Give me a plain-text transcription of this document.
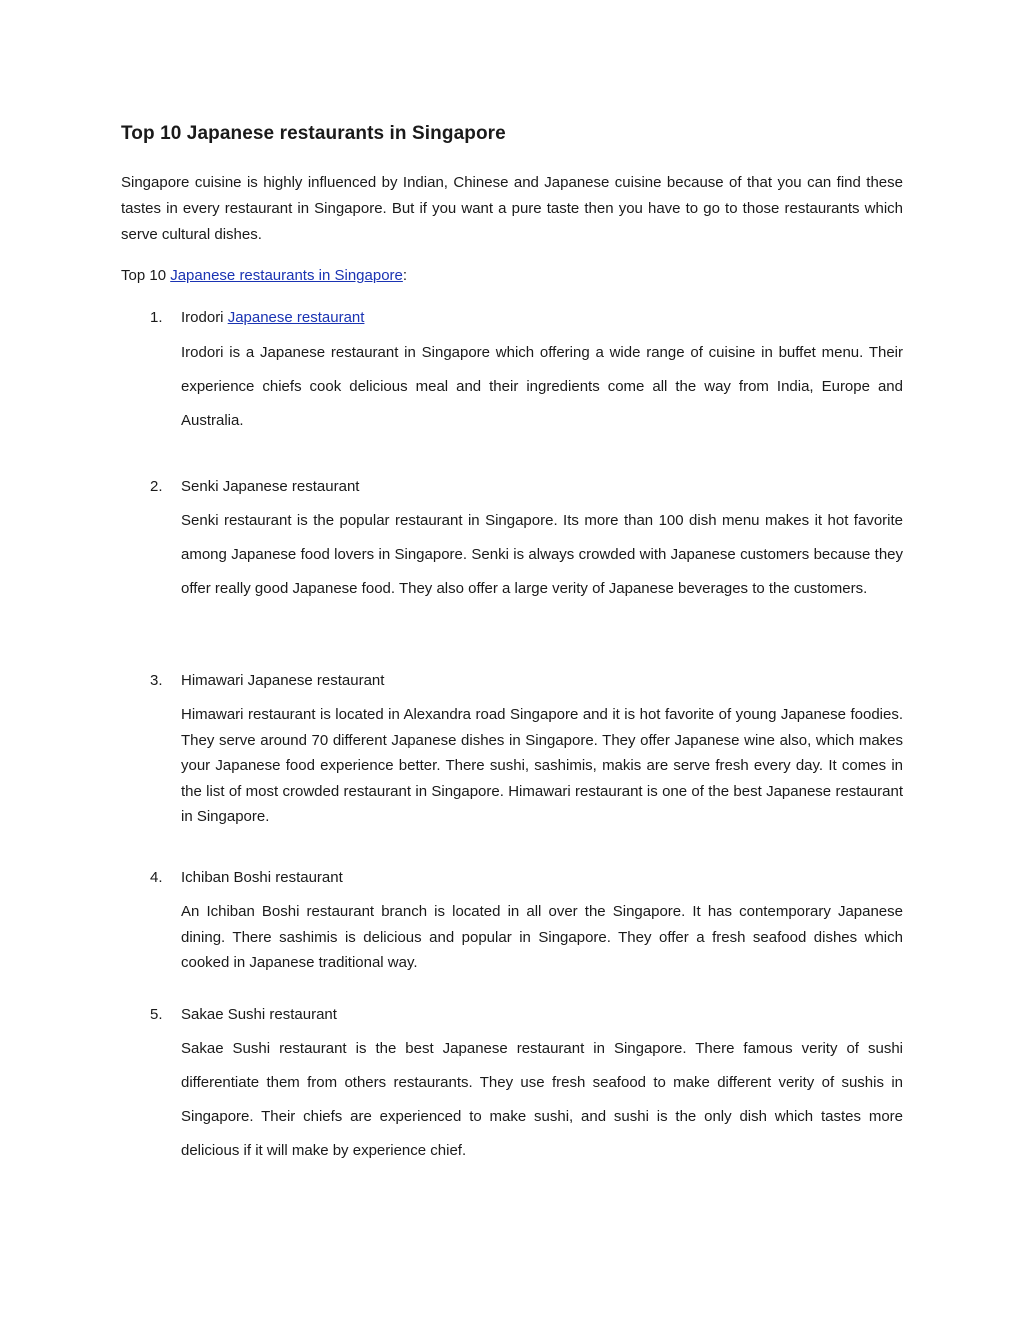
Top 10 Japanese restaurants in Singapore

Singapore cuisine is highly influenced by Indian, Chinese and Japanese cuisine because of that you can find these tastes in every restaurant in Singapore. But if you want a pure taste then you have to go to those restaurants which serve cultural dishes.

Top 10 Japanese restaurants in Singapore:

1. Irodori Japanese restaurant

Irodori is a Japanese restaurant in Singapore which offering a wide range of cuisine in buffet menu. Their experience chiefs cook delicious meal and their ingredients come all the way from India, Europe and Australia.

2. Senki Japanese restaurant

Senki restaurant is the popular restaurant in Singapore. Its more than 100 dish menu makes it hot favorite among Japanese food lovers in Singapore. Senki is always crowded with Japanese customers because they offer really good Japanese food. They also offer a large verity of Japanese beverages to the customers.

3. Himawari Japanese restaurant

Himawari restaurant is located in Alexandra road Singapore and it is hot favorite of young Japanese foodies. They serve around 70 different Japanese dishes in Singapore. They offer Japanese wine also, which makes your Japanese food experience better. There sushi, sashimis, makis are serve fresh every day. It comes in the list of most crowded restaurant in Singapore. Himawari restaurant is one of the best Japanese restaurant in Singapore.

4. Ichiban Boshi restaurant

An Ichiban Boshi restaurant branch is located in all over the Singapore. It has contemporary Japanese dining. There sashimis is delicious and popular in Singapore. They offer a fresh seafood dishes which cooked in Japanese traditional way.

5. Sakae Sushi restaurant

Sakae Sushi restaurant is the best Japanese restaurant in Singapore. There famous verity of sushi differentiate them from others restaurants. They use fresh seafood to make different verity of sushis in Singapore. Their chiefs are experienced to make sushi, and sushi is the only dish which tastes more delicious if it will make by experience chief.
